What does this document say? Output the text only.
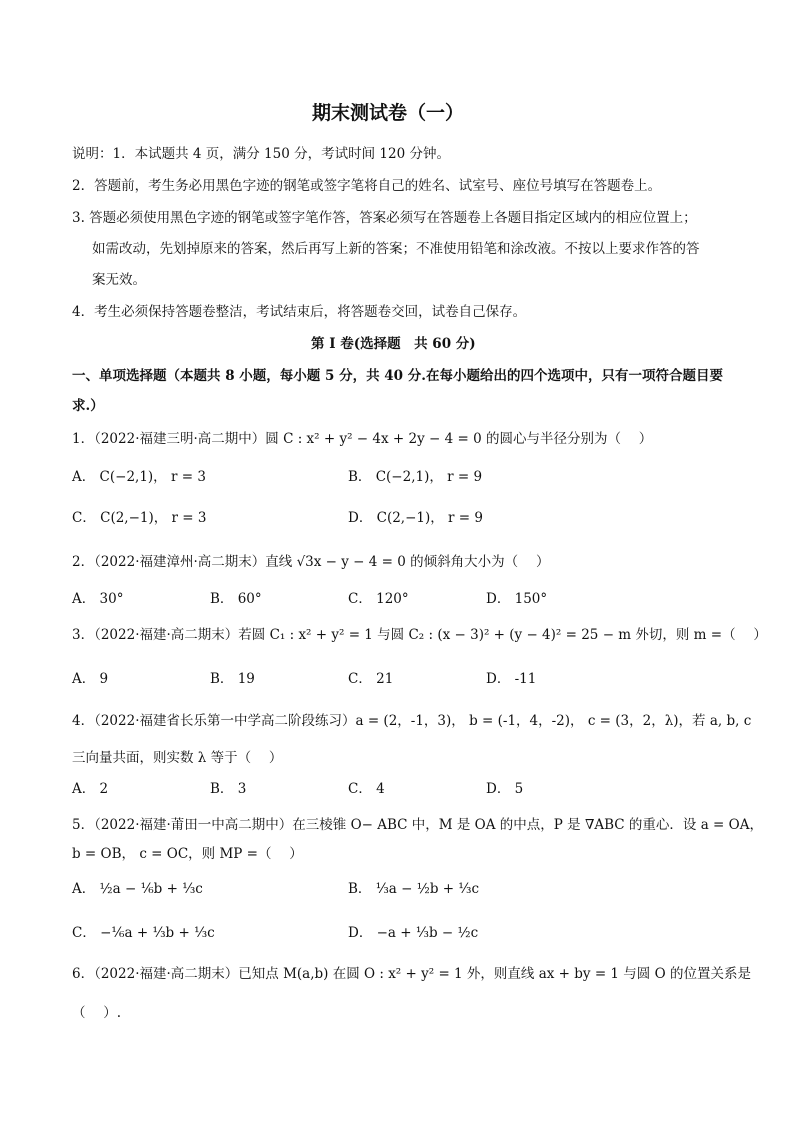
期末测试卷（一）
说明：1．本试题共 4 页，满分 150 分，考试时间 120 分钟。
2．答题前，考生务必用黑色字迹的钢笔或签字笔将自己的姓名、试室号、座位号填写在答题卷上。
3. 答题必须使用黑色字迹的钢笔或签字笔作答，答案必须写在答题卷上各题目指定区域内的相应位置上；
如需改动，先划掉原来的答案，然后再写上新的答案；不准使用铅笔和涂改液。不按以上要求作答的答
案无效。
4．考生必须保持答题卷整洁，考试结束后，将答题卷交回，试卷自己保存。
第 I 卷(选择题　共 60 分)
一、单项选择题（本题共 8 小题，每小题 5 分，共 40 分.在每小题给出的四个选项中，只有一项符合题目要
求.）
1．（2022·福建三明·高二期中）圆 C : x² + y² − 4x + 2y − 4 = 0 的圆心与半径分别为（　 ）
A． C(−2,1)， r = 3	B． C(−2,1)， r = 9
C． C(2,−1)， r = 3	D． C(2,−1)， r = 9
2．（2022·福建漳州·高二期末）直线 √3x − y − 4 = 0 的倾斜角大小为（　 ）
A． 30°	B． 60°	C． 120°	D． 150°
3．（2022·福建·高二期末）若圆 C₁ : x² + y² = 1 与圆 C₂ : (x − 3)² + (y − 4)² = 25 − m 外切，则 m =（　 ）
A． 9	B． 19	C． 21	D． -11
4．（2022·福建省长乐第一中学高二阶段练习）a = (2，-1，3)， b = (-1，4，-2)， c = (3，2，λ)，若 a, b, c
三向量共面，则实数 λ 等于（　 ）
A． 2	B． 3	C． 4	D． 5
5．（2022·福建·莆田一中高二期中）在三棱锥 O− ABC 中，M 是 OA 的中点，P 是 ∇ABC 的重心．设 a = OA，
b = OB， c = OC，则 MP =（　 ）
A． ½a − ⅙b + ⅓c	B． ⅓a − ½b + ⅓c
C． −⅙a + ⅓b + ⅓c	D． −a + ⅓b − ½c
6．（2022·福建·高二期末）已知点 M(a,b) 在圆 O : x² + y² = 1 外，则直线 ax + by = 1 与圆 O 的位置关系是
（　 ）.
